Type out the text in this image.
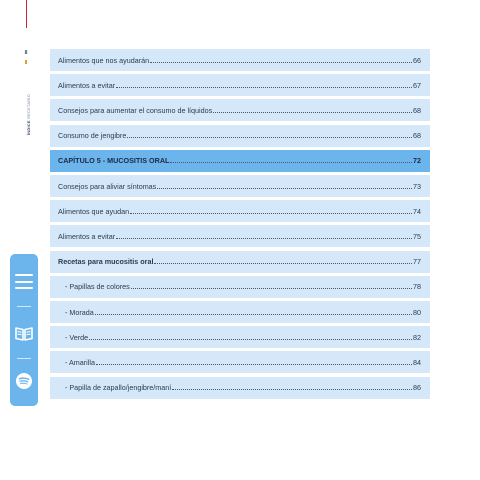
8
ÍNDICE RECETARIO
Alimentos que nos ayudarán	66
Alimentos a evitar	67
Consejos para aumentar el consumo de líquidos	68
Consumo de jengibre	68
CAPÍTULO 5 - MUCOSITIS ORAL	72
Consejos para aliviar síntomas	73
Alimentos que ayudan	74
Alimentos a evitar	75
Recetas para mucositis oral	77
- Papillas de colores	78
- Morada	80
- Verde	82
- Amarilla	84
- Papilla de zapallo/jengibre/maní	86
